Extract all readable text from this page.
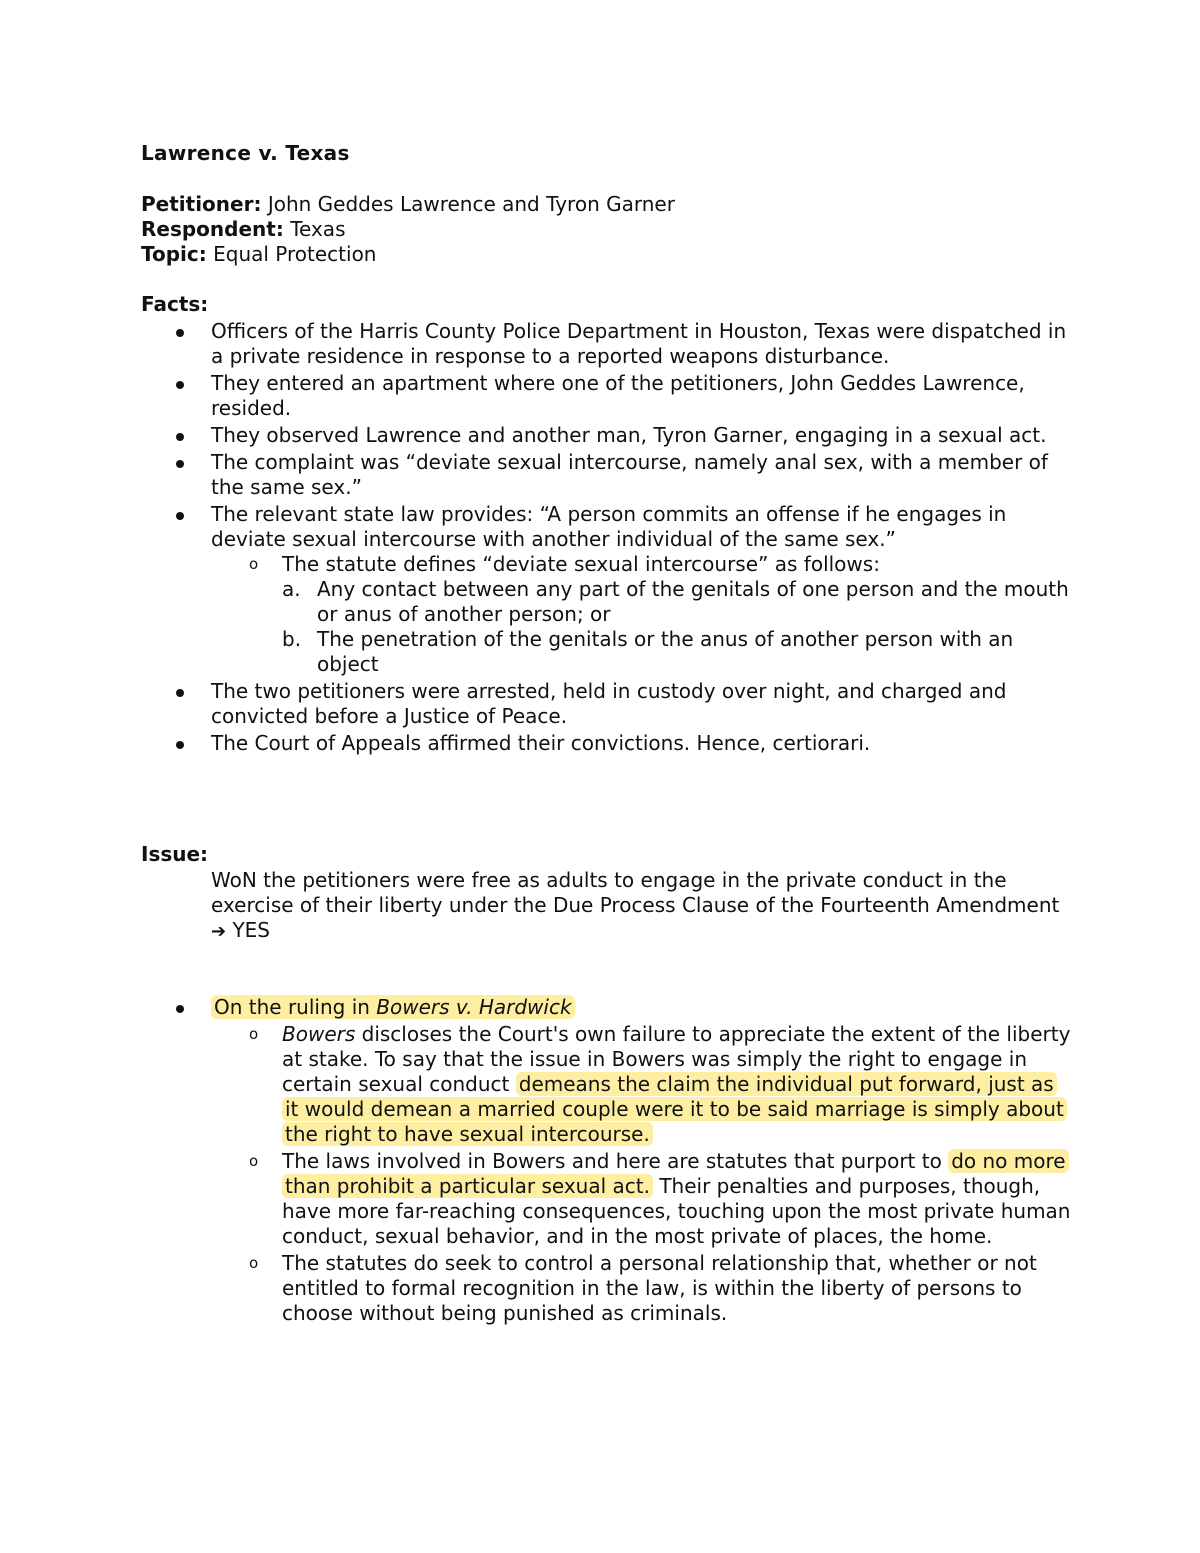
Lawrence v. Texas
Petitioner: John Geddes Lawrence and Tyron Garner
Respondent: Texas
Topic: Equal Protection
Facts:
Officers of the Harris County Police Department in Houston, Texas were dispatched in a private residence in response to a reported weapons disturbance.
They entered an apartment where one of the petitioners, John Geddes Lawrence, resided.
They observed Lawrence and another man, Tyron Garner, engaging in a sexual act.
The complaint was “deviate sexual intercourse, namely anal sex, with a member of the same sex.”
The relevant state law provides: “A person commits an offense if he engages in deviate sexual intercourse with another individual of the same sex.”
o The statute defines “deviate sexual intercourse” as follows:
a. Any contact between any part of the genitals of one person and the mouth or anus of another person; or
b. The penetration of the genitals or the anus of another person with an object
The two petitioners were arrested, held in custody over night, and charged and convicted before a Justice of Peace.
The Court of Appeals affirmed their convictions. Hence, certiorari.
Issue:
WoN the petitioners were free as adults to engage in the private conduct in the exercise of their liberty under the Due Process Clause of the Fourteenth Amendment
➔ YES
On the ruling in Bowers v. Hardwick
o Bowers discloses the Court's own failure to appreciate the extent of the liberty at stake. To say that the issue in Bowers was simply the right to engage in certain sexual conduct demeans the claim the individual put forward, just as it would demean a married couple were it to be said marriage is simply about the right to have sexual intercourse.
o The laws involved in Bowers and here are statutes that purport to do no more than prohibit a particular sexual act. Their penalties and purposes, though, have more far-reaching consequences, touching upon the most private human conduct, sexual behavior, and in the most private of places, the home.
o The statutes do seek to control a personal relationship that, whether or not entitled to formal recognition in the law, is within the liberty of persons to choose without being punished as criminals.
